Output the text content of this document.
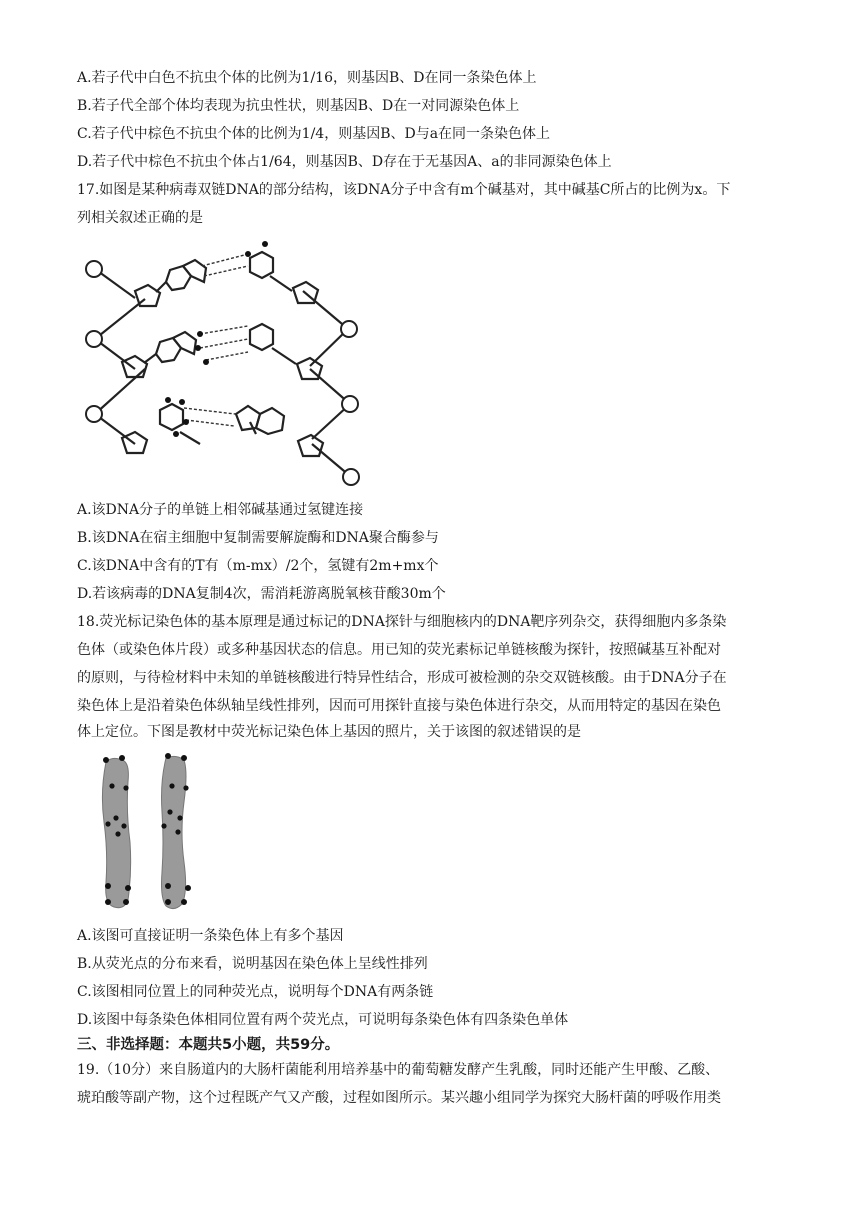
A.若子代中白色不抗虫个体的比例为1/16，则基因B、D在同一条染色体上
B.若子代全部个体均表现为抗虫性状，则基因B、D在一对同源染色体上
C.若子代中棕色不抗虫个体的比例为1/4，则基因B、D与a在同一条染色体上
D.若子代中棕色不抗虫个体占1/64，则基因B、D存在于无基因A、a的非同源染色体上
17.如图是某种病毒双链DNA的部分结构，该DNA分子中含有m个碱基对，其中碱基C所占的比例为x。下
列相关叙述正确的是
A.该DNA分子的单链上相邻碱基通过氢键连接
B.该DNA在宿主细胞中复制需要解旋酶和DNA聚合酶参与
C.该DNA中含有的T有（m-mx）/2个，氢键有2m+mx个
D.若该病毒的DNA复制4次，需消耗游离脱氧核苷酸30m个
18.荧光标记染色体的基本原理是通过标记的DNA探针与细胞核内的DNA靶序列杂交，获得细胞内多条染
色体（或染色体片段）或多种基因状态的信息。用已知的荧光素标记单链核酸为探针，按照碱基互补配对
的原则，与待检材料中未知的单链核酸进行特异性结合，形成可被检测的杂交双链核酸。由于DNA分子在
染色体上是沿着染色体纵轴呈线性排列，因而可用探针直接与染色体进行杂交，从而用特定的基因在染色
体上定位。下图是教材中荧光标记染色体上基因的照片，关于该图的叙述错误的是
A.该图可直接证明一条染色体上有多个基因
B.从荧光点的分布来看，说明基因在染色体上呈线性排列
C.该图相同位置上的同种荧光点，说明每个DNA有两条链
D.该图中每条染色体相同位置有两个荧光点，可说明每条染色体有四条染色单体
三、非选择题：本题共5小题，共59分。
19.（10分）来自肠道内的大肠杆菌能利用培养基中的葡萄糖发酵产生乳酸，同时还能产生甲酸、乙酸、
琥珀酸等副产物，这个过程既产气又产酸，过程如图所示。某兴趣小组同学为探究大肠杆菌的呼吸作用类
